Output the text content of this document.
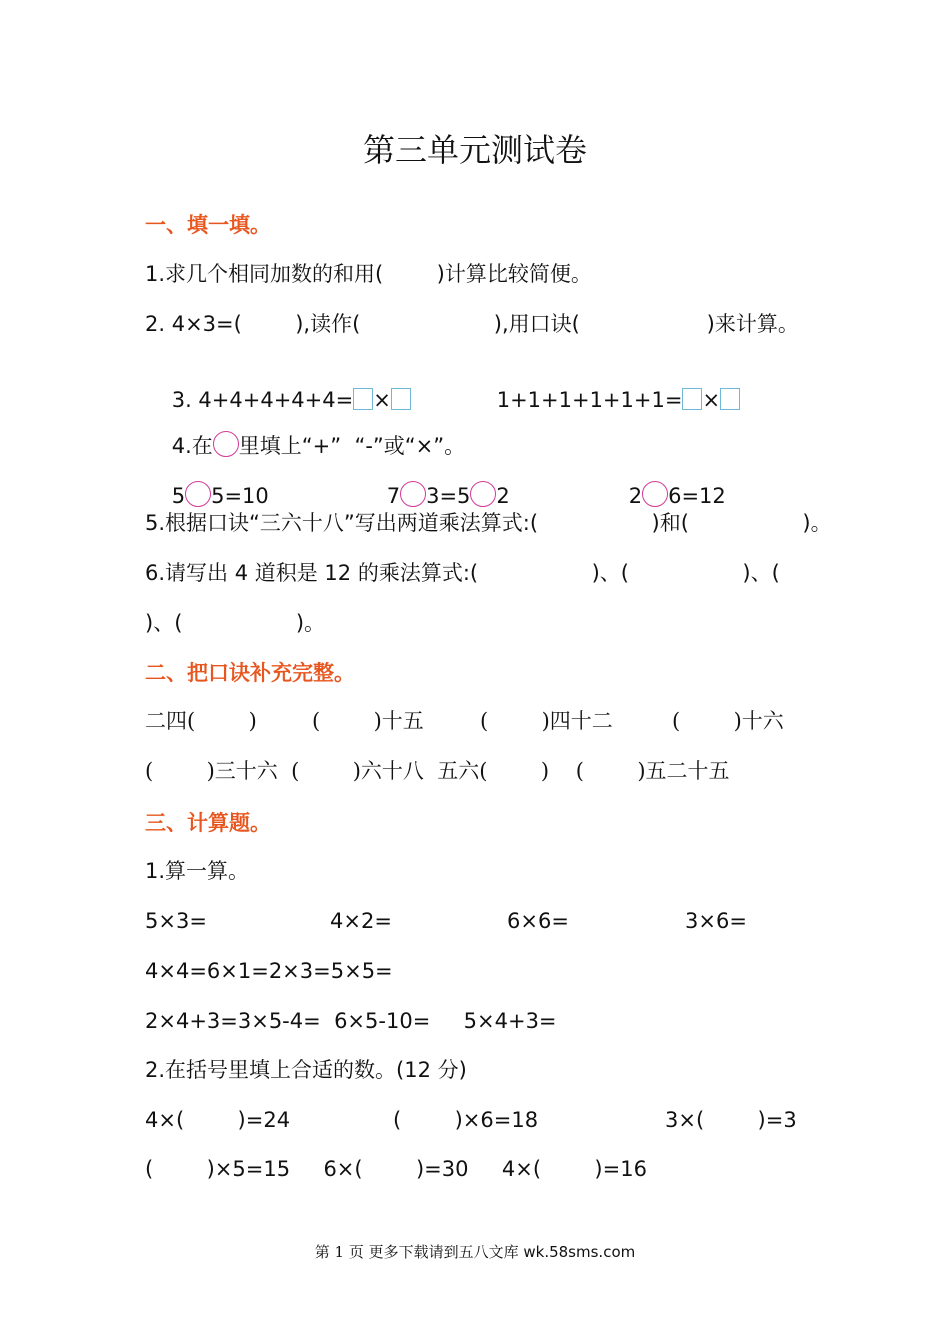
第三单元测试卷
一、填一填。
1.求几个相同加数的和用(        )计算比较简便。
2. 4×3=(        ),读作(                    ),用口诀(                   )来计算。

3. 4+4+4+4+4= ×
	1+1+1+1+1+1= ×

4.在 里填上“+”  “-”或“×”。

5 5=10
	7 3=5 2
	2 6=12

5.根据口诀“三六十八”写出两道乘法算式:(                 )和(                 )。
6.请写出 4 道积是 12 的乘法算式:(                 )、(                 )、(
)、(                 )。
二、把口诀补充完整。
二四(        )	(        )十五	(        )四十二	(        )十六
(        )三十六  (        )六十八  五六(        )    (        )五二十五
三、计算题。
1.算一算。
5×3=	4×2=	6×6=	3×6=
4×4=6×1=2×3=5×5=
2×4+3=3×5-4=  6×5-10=     5×4+3=
2.在括号里填上合适的数。(12 分)
4×(        )=24	(        )×6=18	3×(        )=3
(        )×5=15     6×(        )=30     4×(        )=16
第 1 页 更多下载请到五八文库 wk.58sms.com
